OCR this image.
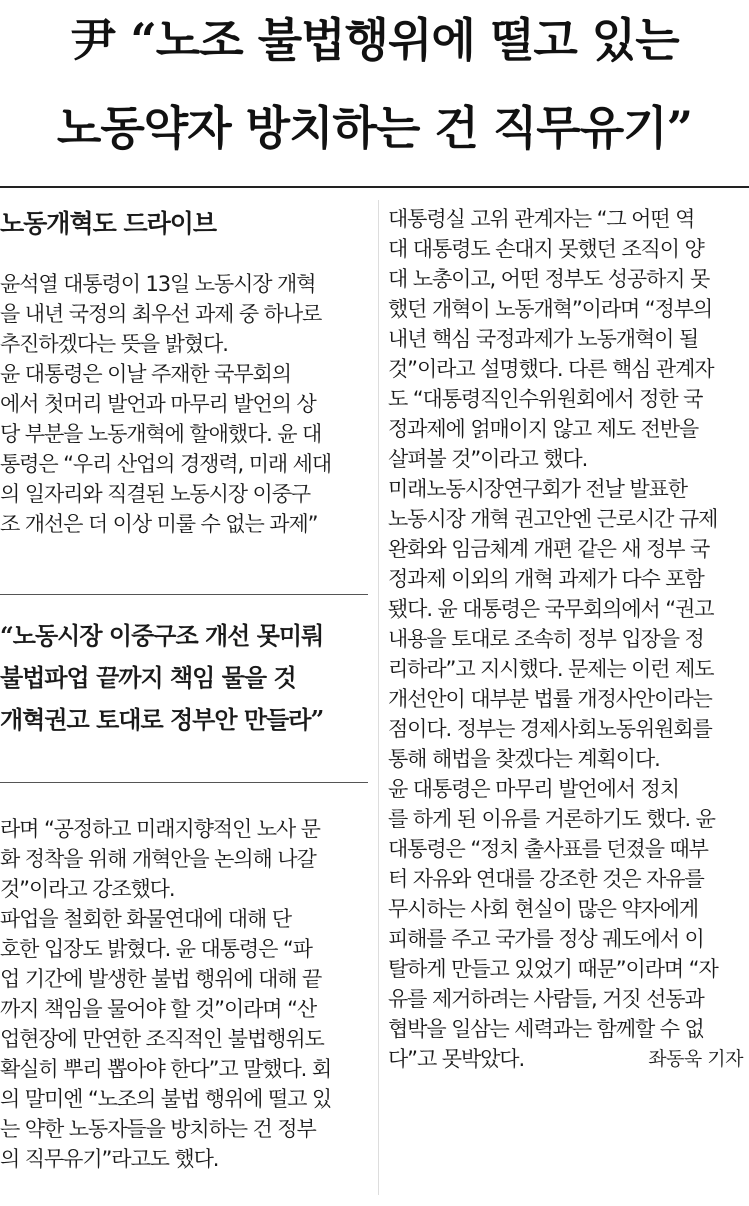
尹 “노조 불법행위에 떨고 있는
노동약자 방치하는 건 직무유기”
노동개혁도 드라이브
윤석열 대통령이 13일 노동시장 개혁
을 내년 국정의 최우선 과제 중 하나로
추진하겠다는 뜻을 밝혔다.
윤 대통령은 이날 주재한 국무회의
에서 첫머리 발언과 마무리 발언의 상
당 부분을 노동개혁에 할애했다. 윤 대
통령은 “우리 산업의 경쟁력, 미래 세대
의 일자리와 직결된 노동시장 이중구
조 개선은 더 이상 미룰 수 없는 과제”
“노동시장 이중구조 개선 못미뤄
불법파업 끝까지 책임 물을 것
개혁권고 토대로 정부안 만들라”
라며 “공정하고 미래지향적인 노사 문
화 정착을 위해 개혁안을 논의해 나갈
것”이라고 강조했다.
파업을 철회한 화물연대에 대해 단
호한 입장도 밝혔다. 윤 대통령은 “파
업 기간에 발생한 불법 행위에 대해 끝
까지 책임을 물어야 할 것”이라며 “산
업현장에 만연한 조직적인 불법행위도
확실히 뿌리 뽑아야 한다”고 말했다. 회
의 말미엔 “노조의 불법 행위에 떨고 있
는 약한 노동자들을 방치하는 건 정부
의 직무유기”라고도 했다.
대통령실 고위 관계자는 “그 어떤 역
대 대통령도 손대지 못했던 조직이 양
대 노총이고, 어떤 정부도 성공하지 못
했던 개혁이 노동개혁”이라며 “정부의
내년 핵심 국정과제가 노동개혁이 될
것”이라고 설명했다. 다른 핵심 관계자
도 “대통령직인수위원회에서 정한 국
정과제에 얽매이지 않고 제도 전반을
살펴볼 것”이라고 했다.
미래노동시장연구회가 전날 발표한
노동시장 개혁 권고안엔 근로시간 규제
완화와 임금체계 개편 같은 새 정부 국
정과제 이외의 개혁 과제가 다수 포함
됐다. 윤 대통령은 국무회의에서 “권고
내용을 토대로 조속히 정부 입장을 정
리하라”고 지시했다. 문제는 이런 제도
개선안이 대부분 법률 개정사안이라는
점이다. 정부는 경제사회노동위원회를
통해 해법을 찾겠다는 계획이다.
윤 대통령은 마무리 발언에서 정치
를 하게 된 이유를 거론하기도 했다. 윤
대통령은 “정치 출사표를 던졌을 때부
터 자유와 연대를 강조한 것은 자유를
무시하는 사회 현실이 많은 약자에게
피해를 주고 국가를 정상 궤도에서 이
탈하게 만들고 있었기 때문”이라며 “자
유를 제거하려는 사람들, 거짓 선동과
협박을 일삼는 세력과는 함께할 수 없
다”고 못박았다.	좌동욱 기자
